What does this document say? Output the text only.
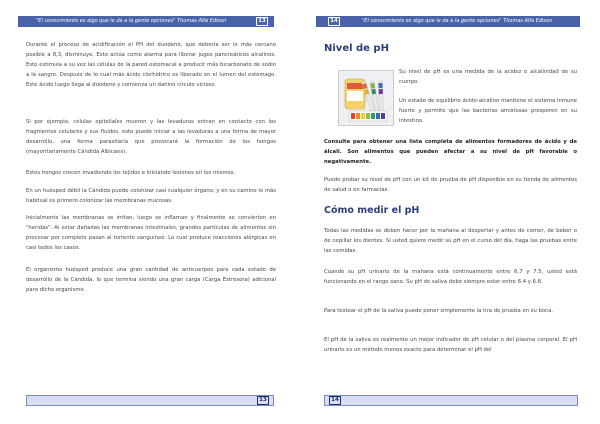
"El conocimiento es algo que le da a la gente opciones" Thomas Alfa Edison	13

Durante el proceso de acidificación el PH del duodeno, que debería ser lo más cercano posible a 8,3, disminuye. Esto actúa como alarma para liberar jugos pancreáticos alcalinos. Esto estimula a su vez las células de la pared estomacal a producir más bicarbonato de sodio a la sangre. Después de lo cual más ácido clorhídrico es liberado en el lumen del estómago. Este ácido luego llega al duodeno y comienza un dañino círculo vicioso.

Si por ejemplo, células epiteliales mueren y las levaduras entran en contacto con los fragmentos celulares y sus fluidos, esto puede iniciar a las levaduras a una forma de mayor desarrollo, una forma parasitaria que provocará la formación de los hongos (mayoritariamente Cándida Albicans).

Estos hongos crecen invadiendo los tejidos e iniciando lesiones en los mismos.

En un huésped débil la Cándida puede colonizar casi cualquier órgano, y en su camino lo más habitual es primero colonizar las membranas mucosas.

Inicialmente las membranas se irritan, luego se inflaman y finalmente se convierten en "heridas". Al estar dañadas las membranas intestinales, grandes partículas de alimentos sin procesar por completo pasan al torrente sanguíneo. Lo cual produce reacciones alérgicas en casi todos los casos.

El organismo huésped produce una gran cantidad de anticuerpos para cada estado de desarrollo de la Cándida, lo que termina siendo una gran carga (Carga Estresora) adicional para dicho organismo.

13
14	"El conocimiento es algo que le da a la gente opciones" Thomas Alfa Edison
Nivel de pH

Su nivel de pH es una medida de la acidez o alcalinidad de su cuerpo.

Un estado de equilibrio ácido-alcalino mantiene el sistema inmune fuerte y permite que las bacterias amistosas prosperen en su intestino.

Consulte para obtener una lista completa de alimentos formadores de ácido y de álcali. Son alimentos que pueden afectar a su nivel de pH favorable o negativamente.

Puede probar su nivel de pH con un kit de prueba de pH disponible en su tienda de alimentos de salud o en farmacias.

Cómo medir el pH

Todas las medidas se deben hacer por la mañana al despertar y antes de comer, de beber o de cepillar los dientes. Si usted quiere medir su pH en el curso del día, haga las pruebas entre las comidas.

Cuando su pH urinario de la mañana está continuamente entre 6.7 y 7.5, usted está funcionando en el rango sano. Su pH de saliva debe siempre estar entre 6.4 y 6.8.

Para testear el pH de la saliva puede poner simplemente la tira de prueba en su boca.

El pH de la saliva es realmente un mejor indicador de pH celular o del plasma corporal. El pH urinario es un método menos exacto para determinar el pH del

14
